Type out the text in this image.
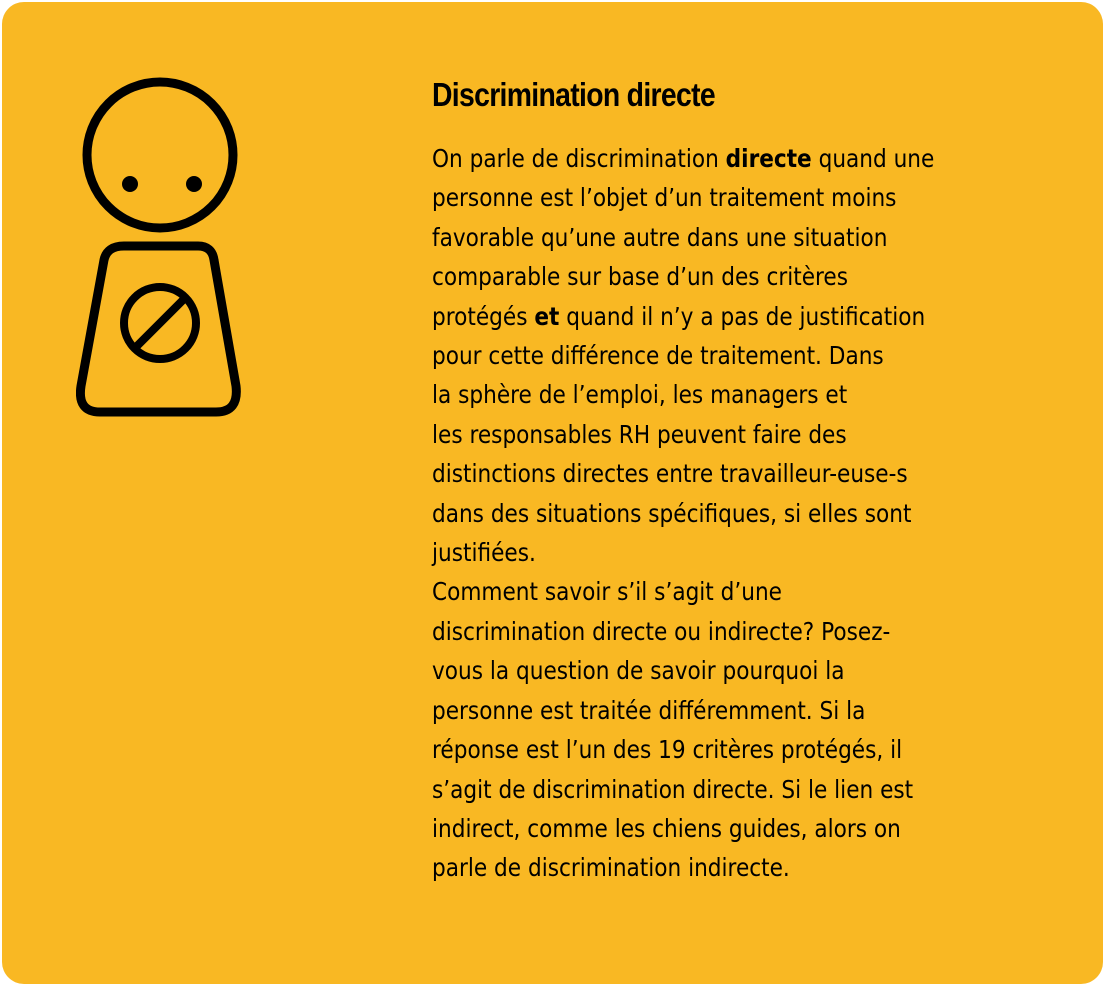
Discrimination directe
On parle de discrimination directe quand une
personne est l’objet d’un traitement moins
favorable qu’une autre dans une situation
comparable sur base d’un des critères
protégés et quand il n’y a pas de justification
pour cette différence de traitement. Dans
la sphère de l’emploi, les managers et
les responsables RH peuvent faire des
distinctions directes entre travailleur-euse-s
dans des situations spécifiques, si elles sont
justifiées.
Comment savoir s’il s’agit d’une
discrimination directe ou indirecte? Posez-
vous la question de savoir pourquoi la
personne est traitée différemment. Si la
réponse est l’un des 19 critères protégés, il
s’agit de discrimination directe. Si le lien est
indirect, comme les chiens guides, alors on
parle de discrimination indirecte.
